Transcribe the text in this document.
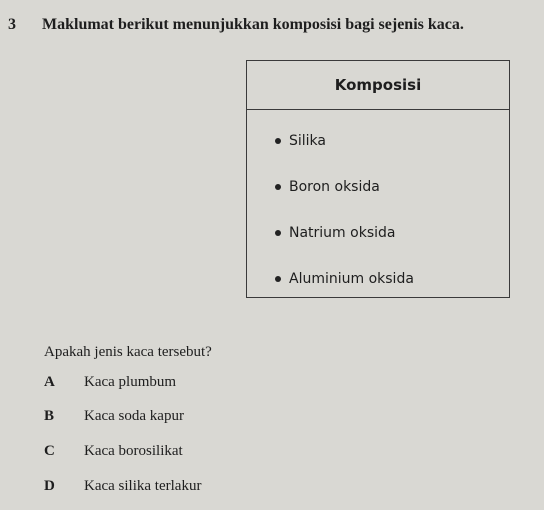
3 Maklumat berikut menunjukkan komposisi bagi sejenis kaca.
Komposisi
Silika
Boron oksida
Natrium oksida
Aluminium oksida
Apakah jenis kaca tersebut?
A	Kaca plumbum
B	Kaca soda kapur
C	Kaca borosilikat
D	Kaca silika terlakur
